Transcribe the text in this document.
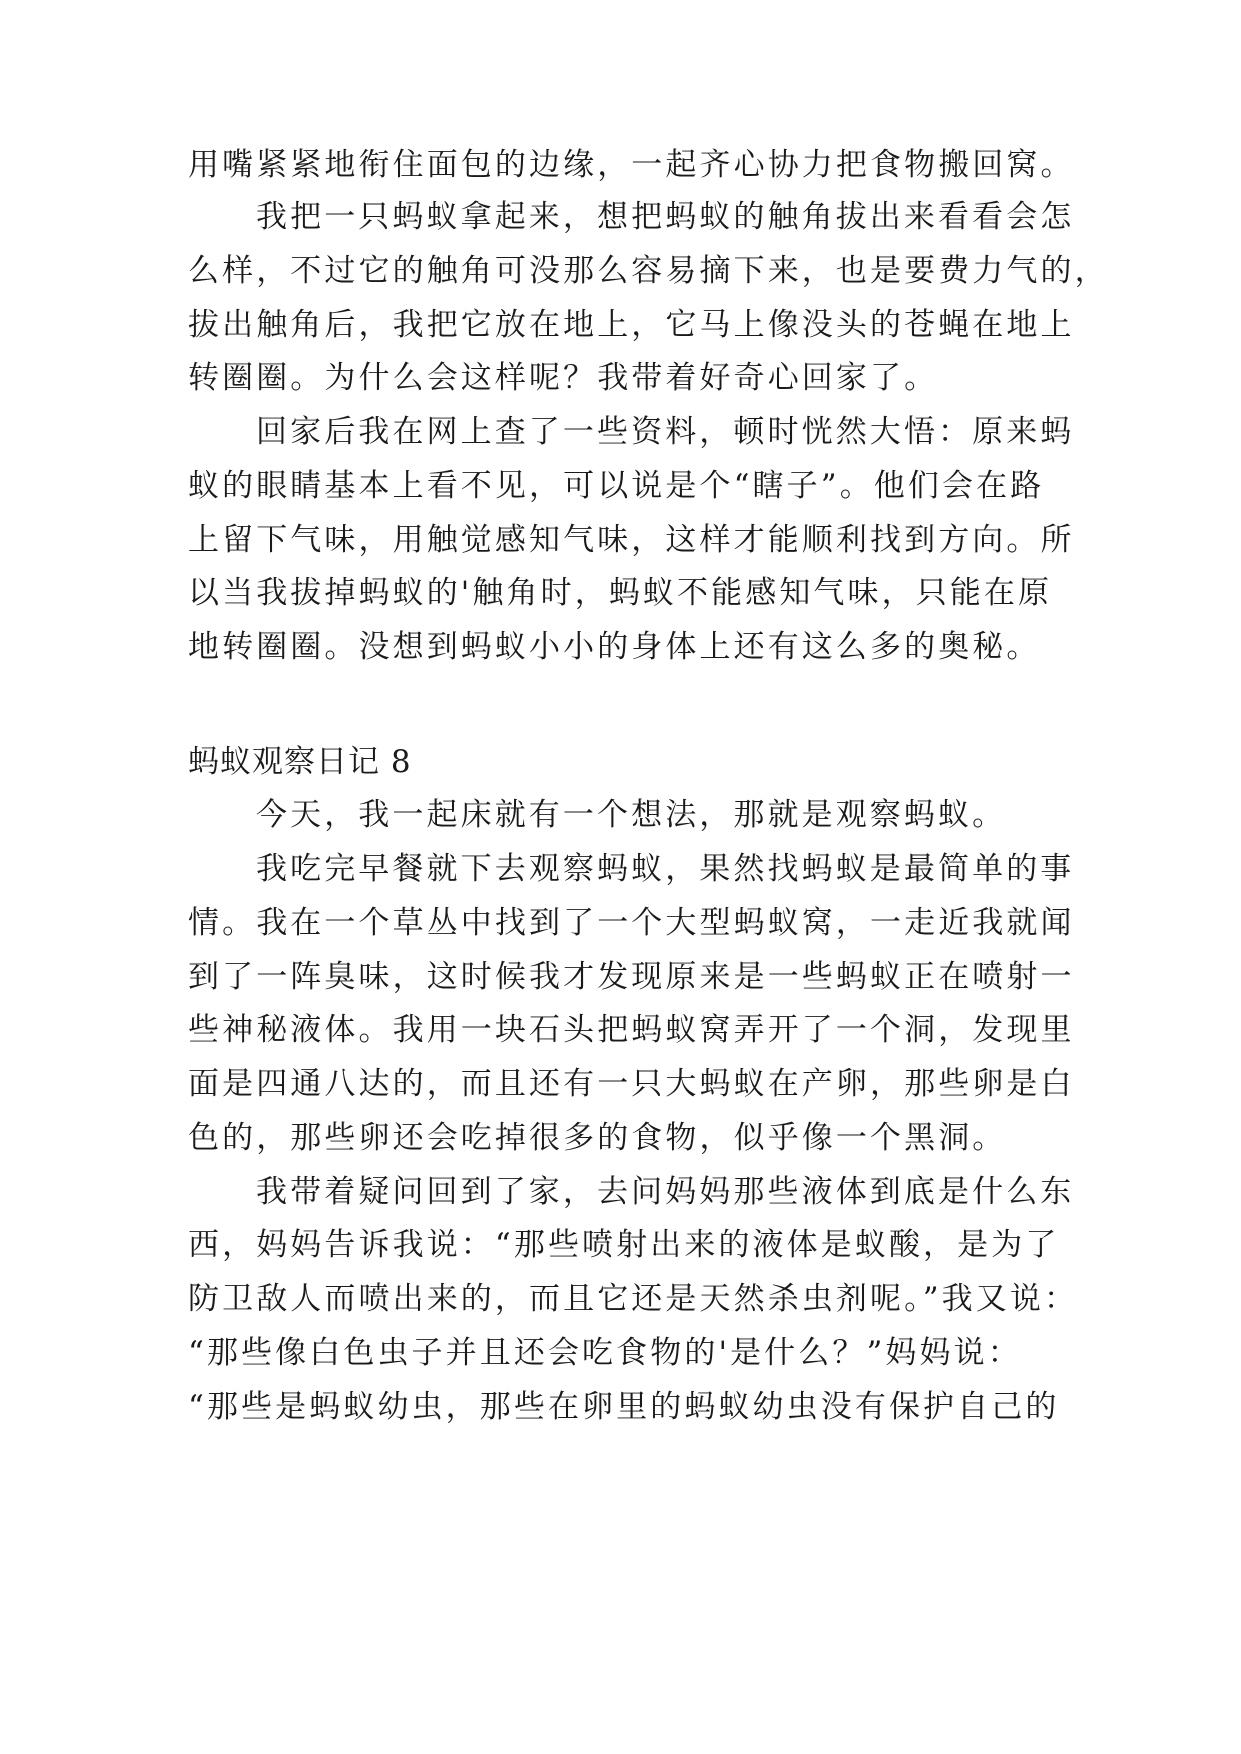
用嘴紧紧地衔住面包的边缘，一起齐心协力把食物搬回窝。
我把一只蚂蚁拿起来，想把蚂蚁的触角拔出来看看会怎
么样，不过它的触角可没那么容易摘下来，也是要费力气的，
拔出触角后，我把它放在地上，它马上像没头的苍蝇在地上
转圈圈。为什么会这样呢？我带着好奇心回家了。
回家后我在网上查了一些资料，顿时恍然大悟：原来蚂
蚁的眼睛基本上看不见，可以说是个“瞎子”。他们会在路
上留下气味，用触觉感知气味，这样才能顺利找到方向。所
以当我拔掉蚂蚁的'触角时，蚂蚁不能感知气味，只能在原
地转圈圈。没想到蚂蚁小小的身体上还有这么多的奥秘。
蚂蚁观察日记 8
今天，我一起床就有一个想法，那就是观察蚂蚁。
我吃完早餐就下去观察蚂蚁，果然找蚂蚁是最简单的事
情。我在一个草丛中找到了一个大型蚂蚁窝，一走近我就闻
到了一阵臭味，这时候我才发现原来是一些蚂蚁正在喷射一
些神秘液体。我用一块石头把蚂蚁窝弄开了一个洞，发现里
面是四通八达的，而且还有一只大蚂蚁在产卵，那些卵是白
色的，那些卵还会吃掉很多的食物，似乎像一个黑洞。
我带着疑问回到了家，去问妈妈那些液体到底是什么东
西，妈妈告诉我说：“那些喷射出来的液体是蚁酸，是为了
防卫敌人而喷出来的，而且它还是天然杀虫剂呢。”我又说：
“那些像白色虫子并且还会吃食物的'是什么？”妈妈说：
“那些是蚂蚁幼虫，那些在卵里的蚂蚁幼虫没有保护自己的
